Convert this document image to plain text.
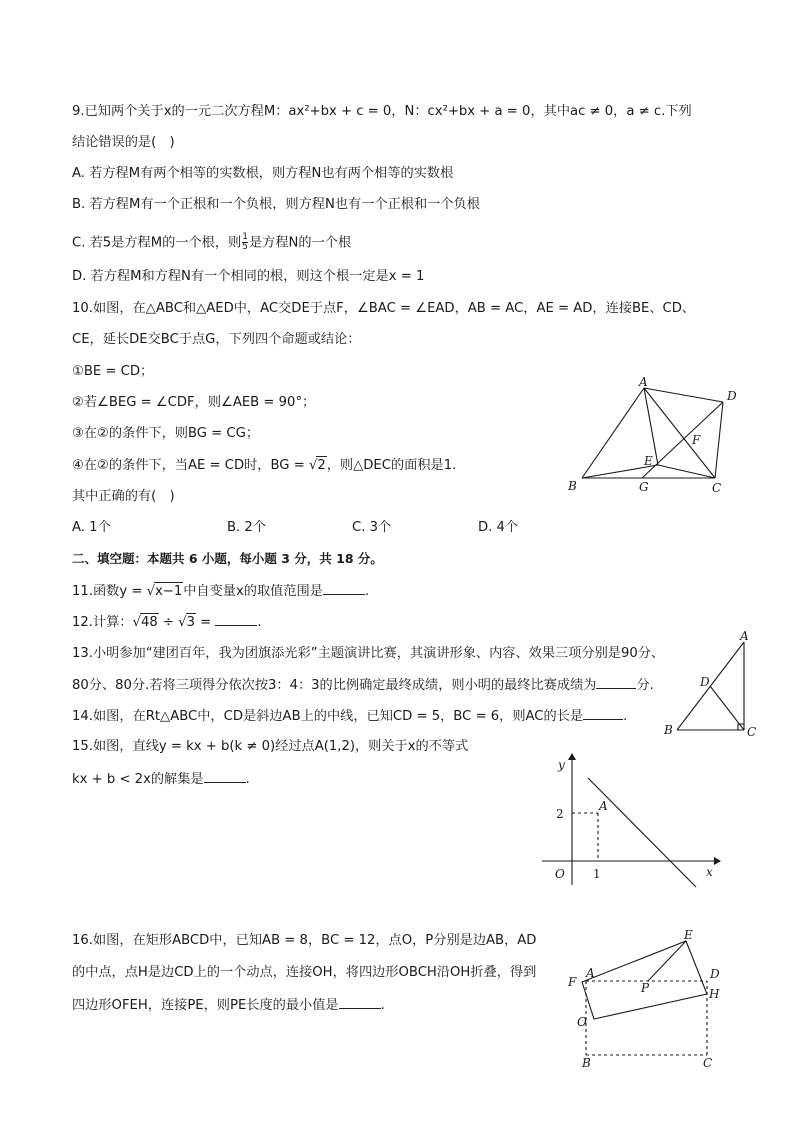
9.已知两个关于x的一元二次方程M：ax²+bx + c = 0，N：cx²+bx + a = 0，其中ac ≠ 0，a ≠ c.下列
结论错误的是(　)
A. 若方程M有两个相等的实数根，则方程N也有两个相等的实数根
B. 若方程M有一个正根和一个负根，则方程N也有一个正根和一个负根
C. 若5是方程M的一个根，则 $\frac{1}{5}$ 是方程N的一个根
D. 若方程M和方程N有一个相同的根，则这个根一定是x = 1
10.如图，在△ABC和△AED中，AC交DE于点F，∠BAC = ∠EAD，AB = AC，AE = AD，连接BE、CD、
CE，延长DE交BC于点G，下列四个命题或结论：
①BE = CD；
②若∠BEG = ∠CDF，则∠AEB = 90°；
③在②的条件下，则BG = CG；
④在②的条件下，当AE = CD时，BG = √2，则△DEC的面积是1.
其中正确的有(　)
A. 1个	B. 2个	C. 3个	D. 4个
A
B	C
D
E
F
G
二、填空题：本题共 6 小题，每小题 3 分，共 18 分。
11.函数y = √x−1中自变量x的取值范围是	.
12.计算：√48 ÷ √3 =	.
13.小明参加“建团百年，我为团旗添光彩”主题演讲比赛，其演讲形象、内容、效果三项分别是90分、
80分、80分.若将三项得分依次按3：4：3的比例确定最终成绩，则小明的最终比赛成绩为	分.
A
B	C
D
14.如图，在Rt△ABC中，CD是斜边AB上的中线，已知CD = 5，BC = 6，则AC的长是	.
15.如图，直线y = kx + b(k ≠ 0)经过点A(1,2)，则关于x的不等式
kx + b < 2x的解集是	.
y
x
O
A
2
1
16.如图，在矩形ABCD中，已知AB = 8，BC = 12，点O，P分别是边AB，AD
的中点，点H是边CD上的一个动点，连接OH，将四边形OBCH沿OH折叠，得到
四边形OFEH，连接PE，则PE长度的最小值是	.
E
F
A
P
D
H
O
B	C
